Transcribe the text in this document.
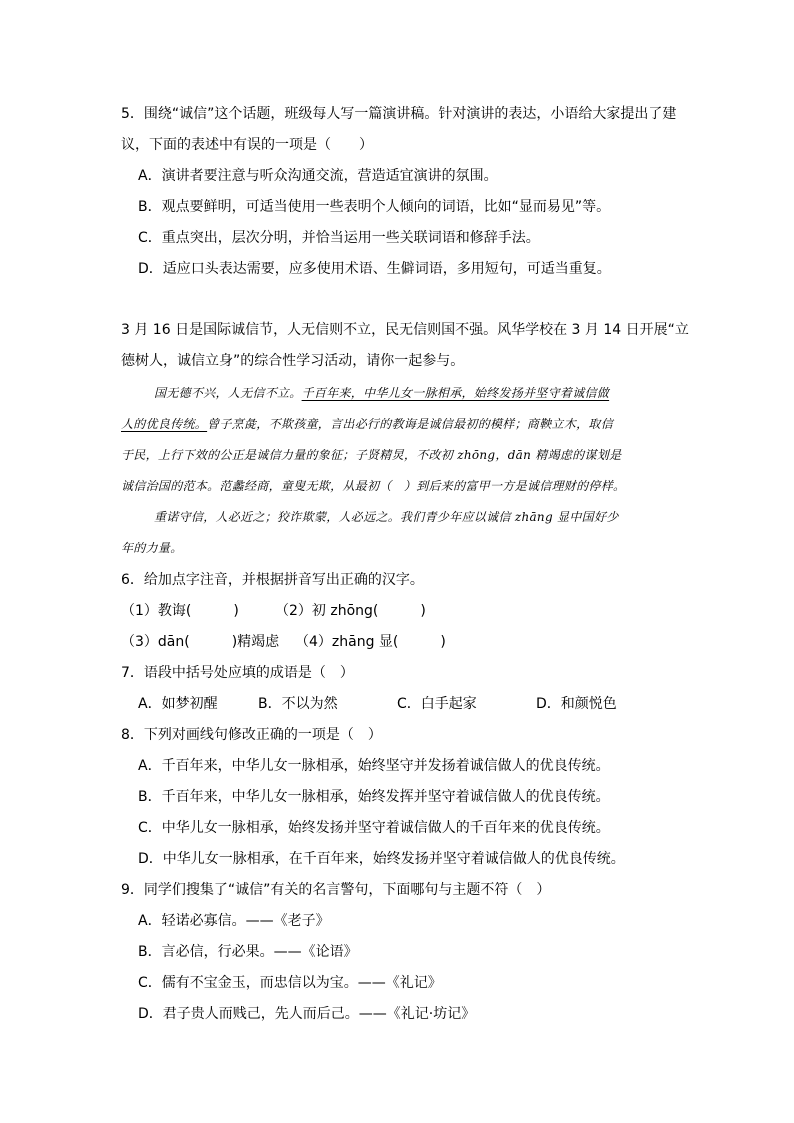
5．围绕“诚信”这个话题，班级每人写一篇演讲稿。针对演讲的表达，小语给大家提出了建
议，下面的表述中有误的一项是（　　）
A．演讲者要注意与听众沟通交流，营造适宜演讲的氛围。
B．观点要鲜明，可适当使用一些表明个人倾向的词语，比如“显而易见”等。
C．重点突出，层次分明，并恰当运用一些关联词语和修辞手法。
D．适应口头表达需要，应多使用术语、生僻词语，多用短句，可适当重复。
3 月 16 日是国际诚信节，人无信则不立，民无信则国不强。风华学校在 3 月 14 日开展“立
德树人，诚信立身”的综合性学习活动，请你一起参与。
国无德不兴，人无信不立。千百年来，中华儿女一脉相承，始终发扬并坚守着诚信做
人的优良传统。曾子烹彘，不欺孩童，言出必行的教诲是诚信最初的模样；商鞅立木，取信
于民，上行下效的公正是诚信力量的象征；子贤精炅，不改初 zhōng，dān 精竭虑的谋划是
诚信治国的范本。范蠡经商，童叟无欺，从最初（　）到后来的富甲一方是诚信理财的停样。
重诺守信，人必近之；狡诈欺蒙，人必远之。我们青少年应以诚信 zhāng 显中国好少
年的力量。
6．给加点字注音，并根据拼音写出正确的汉字。
（1）教诲(　　　)	（2）初 zhōng(　　　)
（3）dān(　　　)精竭虑 （4）zhāng 显(　　　)
7．语段中括号处应填的成语是（　）
A．如梦初醒	B．不以为然	C．白手起家	D．和颜悦色
8．下列对画线句修改正确的一项是（　）
A．千百年来，中华儿女一脉相承，始终坚守并发扬着诚信做人的优良传统。
B．千百年来，中华儿女一脉相承，始终发挥并坚守着诚信做人的优良传统。
C．中华儿女一脉相承，始终发扬并坚守着诚信做人的千百年来的优良传统。
D．中华儿女一脉相承，在千百年来，始终发扬并坚守着诚信做人的优良传统。
9．同学们搜集了“诚信”有关的名言警句，下面哪句与主题不符（　）
A．轻诺必寡信。——《老子》
B．言必信，行必果。——《论语》
C．儒有不宝金玉，而忠信以为宝。——《礼记》
D．君子贵人而贱己，先人而后己。——《礼记·坊记》
